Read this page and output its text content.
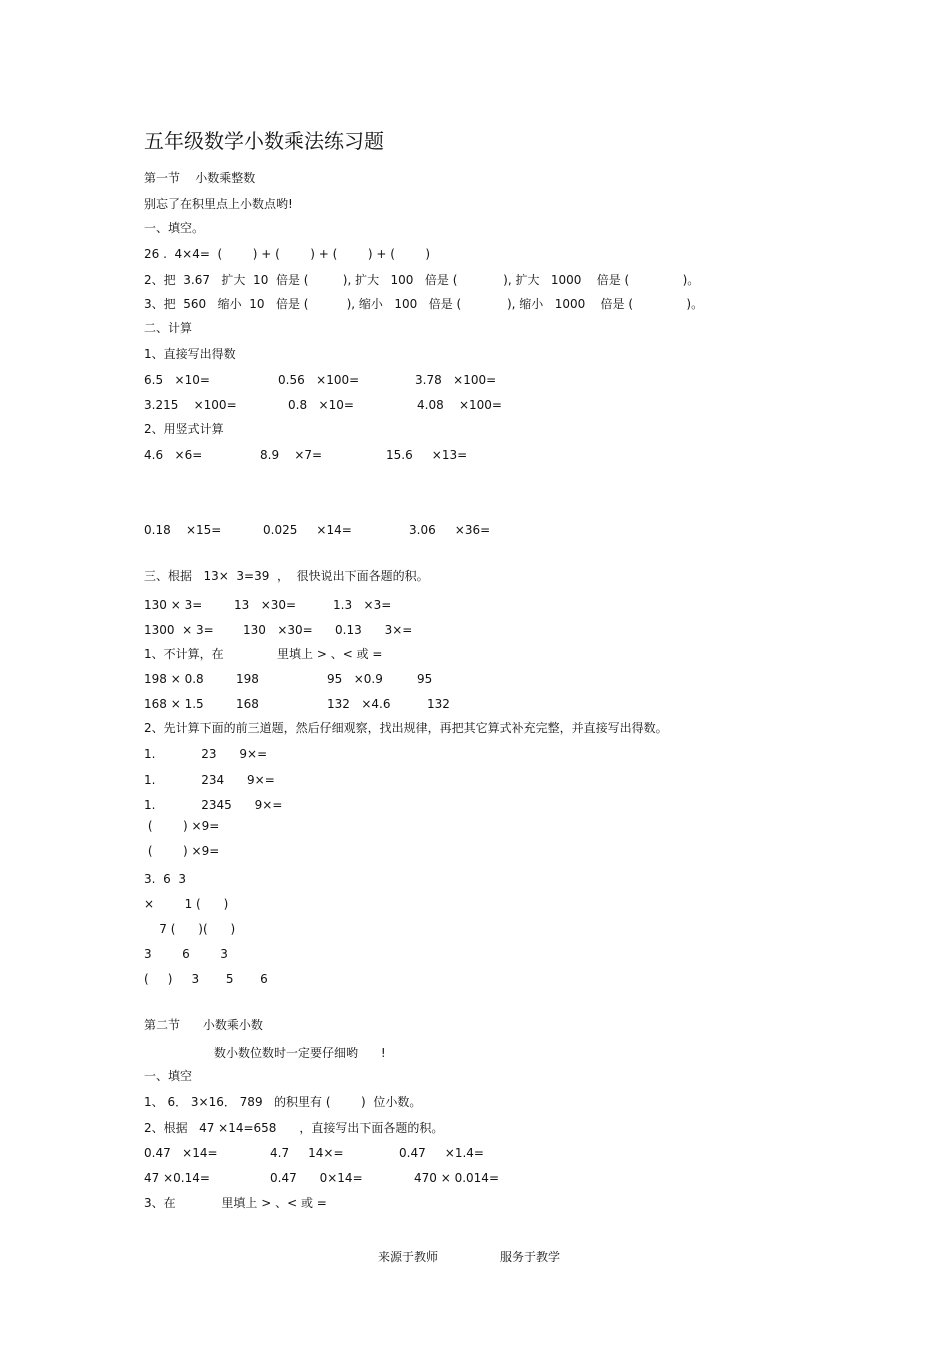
五年级数学小数乘法练习题
第一节    小数乘整数
别忘了在积里点上小数点哟!
一、填空。
26 .  4×4=  (        ) + (        ) + (        ) + (        )
2、把  3.67   扩大  10  倍是 (         ), 扩大   100   倍是 (            ), 扩大   1000    倍是 (              )。
3、把  560   缩小  10   倍是 (          ), 缩小   100   倍是 (            ), 缩小   1000    倍是 (              )。
二、计算
1、直接写出得数
6.5   ×10=	0.56   ×100=	3.78   ×100=
3.215    ×100=	0.8   ×10=	4.08    ×100=
2、用竖式计算
4.6   ×6=	8.9    ×7=	15.6     ×13=
0.18    ×15=	0.025     ×14=	3.06     ×36=
三、根据   13×  3=39  ，  很快说出下面各题的积。
130 × 3=	13   ×30=	1.3   ×3=
1300  × 3= 130   ×30= 0.13      3×=
1、不计算，在              里填上 > 、< 或 =
198 × 0.8	198	95   ×0.9	95
168 × 1.5	168	132   ×4.6	132
2、先计算下面的前三道题，然后仔细观察，找出规律，再把其它算式补充完整，并直接写出得数。
1.            23      9×=
1.            234      9×=
1.            2345      9×=
(        ) ×9=
(        ) ×9=
3.  6  3
×        1 (      )
7 (      )(      )
3        6        3
(     )     3       5       6
第二节      小数乘小数
数小数位数时一定要仔细哟      !
一、填空
1、 6． 3×16． 789   的积里有 (        )  位小数。
2、根据   47 ×14=658      ，直接写出下面各题的积。
0.47   ×14=	4.7     14×=	0.47     ×1.4=
47 ×0.14=	0.47      0×14=	470 × 0.014=
3、在            里填上 > 、< 或 =
来源于教师	服务于教学
